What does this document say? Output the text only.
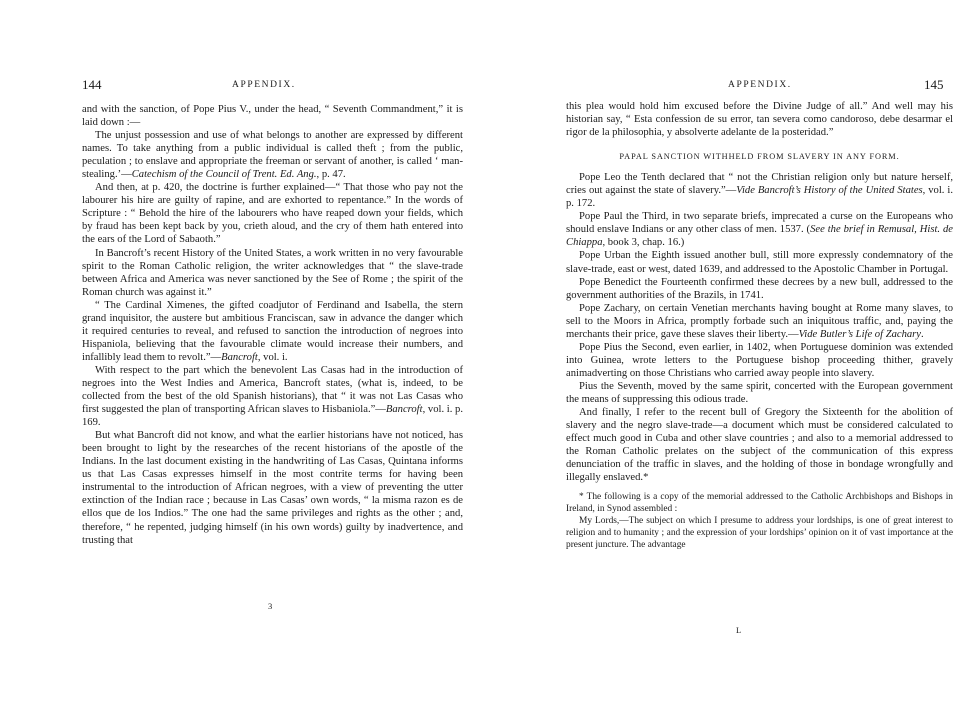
144	APPENDIX.

and with the sanction, of Pope Pius V., under the head, “ Seventh Commandment,” it is laid down :—

The unjust possession and use of what belongs to another are expressed by different names. To take anything from a public individual is called theft ; from the public, peculation ; to enslave and appropriate the freeman or servant of another, is called ‘ man-stealing.’—Catechism of the Council of Trent. Ed. Ang., p. 47.

And then, at p. 420, the doctrine is further explained—“ That those who pay not the labourer his hire are guilty of rapine, and are exhorted to repentance.” In the words of Scripture : “ Behold the hire of the labourers who have reaped down your fields, which by fraud has been kept back by you, crieth aloud, and the cry of them hath entered into the ears of the Lord of Sabaoth.”

In Bancroft’s recent History of the United States, a work written in no very favourable spirit to the Roman Catholic religion, the writer acknowledges that “ the slave-trade between Africa and America was never sanctioned by the See of Rome ; the spirit of the Roman church was against it.”

“ The Cardinal Ximenes, the gifted coadjutor of Ferdinand and Isabella, the stern grand inquisitor, the austere but ambitious Franciscan, saw in advance the danger which it required centuries to reveal, and refused to sanction the introduction of negroes into Hispaniola, believing that the favourable climate would increase their numbers, and infallibly lead them to revolt.”—Bancroft, vol. i.

With respect to the part which the benevolent Las Casas had in the introduction of negroes into the West Indies and America, Bancroft states, (what is, indeed, to be collected from the best of the old Spanish historians), that “ it was not Las Casas who first suggested the plan of transporting African slaves to Hisbaniola.”—Bancroft, vol. i. p. 169.

But what Bancroft did not know, and what the earlier historians have not noticed, has been brought to light by the researches of the recent historians of the apostle of the Indians. In the last document existing in the handwriting of Las Casas, Quintana informs us that Las Casas expresses himself in the most contrite terms for having been instrumental to the introduction of African negroes, with a view of preventing the utter extinction of the Indian race ; because in Las Casas’ own words, “ la misma razon es de ellos que de los Indios.” The one had the same privileges and rights as the other ; and, therefore, “ he repented, judging himself (in his own words) guilty by inadvertence, and trusting that

3
APPENDIX.	145

this plea would hold him excused before the Divine Judge of all.” And well may his historian say, “ Esta confession de su error, tan severa como candoroso, debe desarmar el rigor de la philosophia, y absolverte adelante de la posteridad.”

PAPAL SANCTION WITHHELD FROM SLAVERY IN ANY FORM.

Pope Leo the Tenth declared that “ not the Christian religion only but nature herself, cries out against the state of slavery.”—Vide Bancroft’s History of the United States, vol. i. p. 172.

Pope Paul the Third, in two separate briefs, imprecated a curse on the Europeans who should enslave Indians or any other class of men. 1537. (See the brief in Remusal, Hist. de Chiappa, book 3, chap. 16.)

Pope Urban the Eighth issued another bull, still more expressly condemnatory of the slave-trade, east or west, dated 1639, and addressed to the Apostolic Chamber in Portugal.

Pope Benedict the Fourteenth confirmed these decrees by a new bull, addressed to the government authorities of the Brazils, in 1741.

Pope Zachary, on certain Venetian merchants having bought at Rome many slaves, to sell to the Moors in Africa, promptly forbade such an iniquitous traffic, and, paying the merchants their price, gave these slaves their liberty.—Vide Butler’s Life of Zachary.

Pope Pius the Second, even earlier, in 1402, when Portuguese dominion was extended into Guinea, wrote letters to the Portuguese bishop proceeding thither, gravely animadverting on those Christians who carried away people into slavery.

Pius the Seventh, moved by the same spirit, concerted with the European government the means of suppressing this odious trade.

And finally, I refer to the recent bull of Gregory the Sixteenth for the abolition of slavery and the negro slave-trade—a document which must be considered calculated to effect much good in Cuba and other slave countries ; and also to a memorial addressed to the Roman Catholic prelates on the subject of the communication of this express denunciation of the traffic in slaves, and the holding of those in bondage wrongfully and illegally enslaved.*

* The following is a copy of the memorial addressed to the Catholic Archbishops and Bishops in Ireland, in Synod assembled :

My Lords,—The subject on which I presume to address your lordships, is one of great interest to religion and to humanity ; and the expression of your lordships’ opinion on it of vast importance at the present juncture. The advantage

L
